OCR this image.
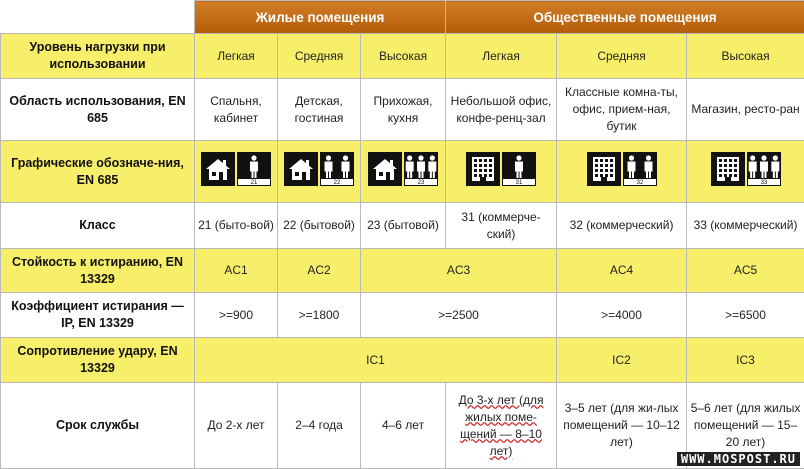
	Жилые помещения			Общественные помещения		
Уровень нагрузки при использовании	Легкая	Средняя	Высокая	Легкая	Средняя	Высокая
Область использования, EN 685	Спальня, кабинет	Детская, гостиная	Прихожая, кухня	Небольшой офис, конфе-ренц-зал	Классные комна-ты, офис, прием-ная, бутик	Магазин, ресто-ран
Графические обозначе-ния, EN 685	21	22	23	31	32	33

Класс	21 (быто-вой)	22 (бытовой)	23 (бытовой)	31 (коммерче-ский)	32 (коммерческий)	33 (коммерческий)
Стойкость к истиранию, EN 13329	AC1	AC2	AC3		AC4	AC5
Коэффициент истирания — IP, EN 13329	>=900	>=1800	>=2500		>=4000	>=6500
Сопротивление удару, EN 13329	IC1				IC2	IC3
Срок службы	До 2-х лет	2–4 года	4–6 лет	До 3-х лет (для жилых поме-щений — 8–10 лет)	3–5 лет (для жи-лых помещений — 10–12 лет)	5–6 лет (для жилых помещений — 15–20 лет)
WWW.MOSPOST.RU
